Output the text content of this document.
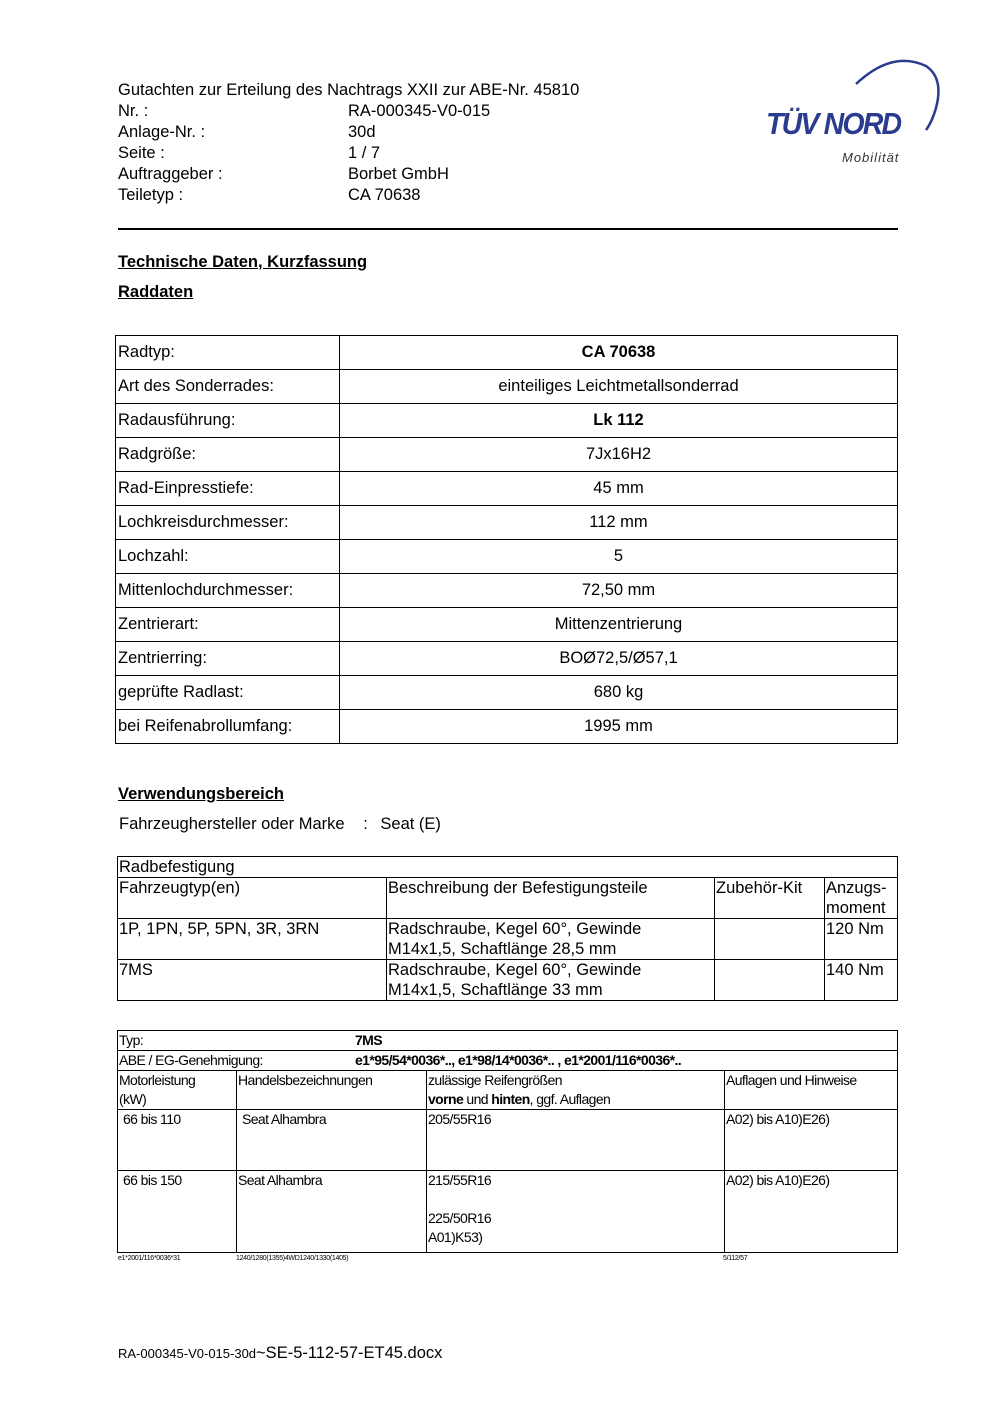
Gutachten zur Erteilung des Nachtrags XXII zur ABE-Nr. 45810
Nr. :	RA-000345-V0-015
Anlage-Nr. :	30d
Seite :	1 / 7
Auftraggeber :	Borbet GmbH
Teiletyp :	CA 70638
TÜV NORD
Mobilität
Technische Daten, Kurzfassung
Raddaten
Radtyp:	CA 70638
Art des Sonderrades:	einteiliges Leichtmetallsonderrad
Radausführung:	Lk 112
Radgröße:	7Jx16H2
Rad-Einpresstiefe:	45 mm
Lochkreisdurchmesser:	112 mm
Lochzahl:	5
Mittenlochdurchmesser:	72,50 mm
Zentrierart:	Mittenzentrierung
Zentrierring:	BOØ72,5/Ø57,1
geprüfte Radlast:	680 kg
bei Reifenabrollumfang:	1995 mm
Verwendungsbereich
Fahrzeughersteller oder Marke : Seat (E)
Radbefestigung			
Fahrzeugtyp(en)	Beschreibung der Befestigungsteile	Zubehör-Kit	Anzugs-
moment
1P, 1PN, 5P, 5PN, 3R, 3RN	Radschraube, Kegel 60°, Gewinde
M14x1,5, Schaftlänge 28,5 mm		120 Nm
7MS	Radschraube, Kegel 60°, Gewinde
M14x1,5, Schaftlänge 33 mm		140 Nm
Typ: 7MS			
ABE / EG-Genehmigung: e1*95/54*0036*.., e1*98/14*0036*.. , e1*2001/116*0036*..			
Motorleistung
(kW)	Handelsbezeichnungen	zulässige Reifengrößen
vorne und hinten, ggf. Auflagen	Auflagen und Hinweise
66 bis 110	Seat Alhambra	205/55R16	A02) bis A10)E26)
66 bis 150	Seat Alhambra	215/55R16
225/50R16
A01)K53)	A02) bis A10)E26)
e1*2001/116*0036*31	1240/1280(1355)4WD1240/1330(1405)	5/112/57
RA-000345-V0-015-30d~SE-5-112-57-ET45.docx
